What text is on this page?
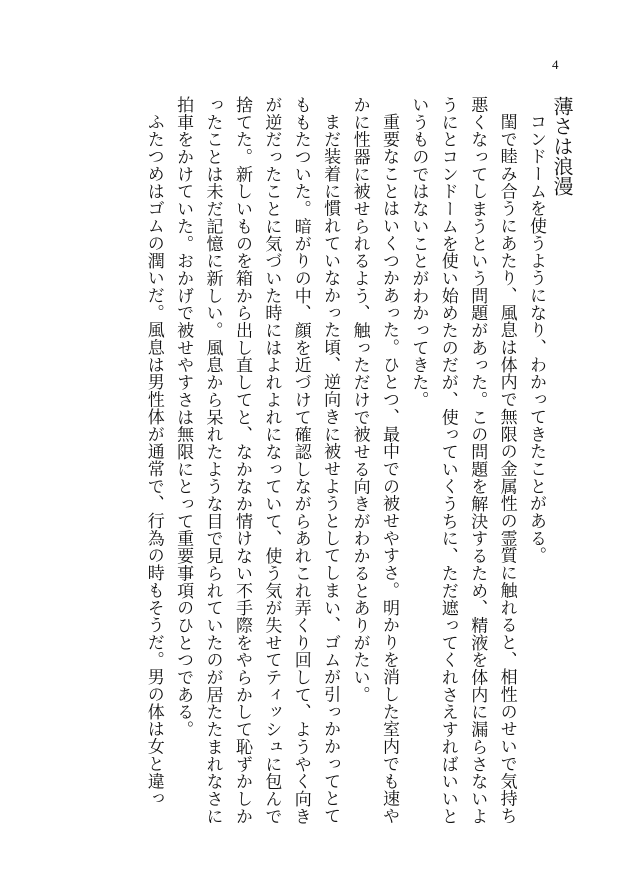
4
薄さは浪漫

コンドームを使うようになり、わかってきたことがある。

閨で睦み合うにあたり、風息は体内で無限の金属性の霊質に触れると、相性のせいで気持ち悪くなってしまうという問題があった。この問題を解決するため、精液を体内に漏らさないようにとコンドームを使い始めたのだが、使っていくうちに、ただ遮ってくれさえすればいいというものではないことがわかってきた。

重要なことはいくつかあった。ひとつ、最中での被せやすさ。明かりを消した室内でも速やかに性器に被せられるよう、触っただけで被せる向きがわかるとありがたい。

まだ装着に慣れていなかった頃、逆向きに被せようとしてしまい、ゴムが引っかかってとてももたついた。暗がりの中、顔を近づけて確認しながらあれこれ弄くり回して、ようやく向きが逆だったことに気づいた時にはよれよれになっていて、使う気が失せてティッシュに包んで捨てた。新しいものを箱から出し直してと、なかなか情けない不手際をやらかして恥ずかしかったことは未だ記憶に新しい。風息から呆れたような目で見られていたのが居たたまれなさに拍車をかけていた。おかげで被せやすさは無限にとって重要事項のひとつである。

ふたつめはゴムの潤いだ。風息は男性体が通常で、行為の時もそうだ。男の体は女と違っ
